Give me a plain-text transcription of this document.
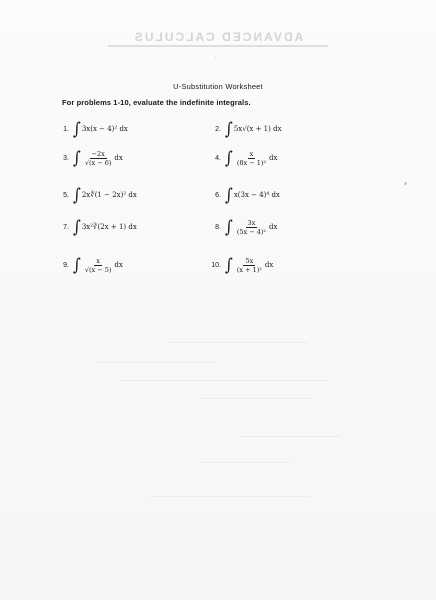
ADVANCED CALCULUS
·
U-Substitution Worksheet
For problems 1-10, evaluate the indefinite integrals.
1. ∫ 3x(x − 4)² dx	2. ∫ 5x√(x + 1) dx
3. ∫ $\frac{-2x}{√(x - 6)}$ dx	4. ∫ $\frac{x}{\text{(8x − 1)²}}$ dx
5. ∫ 2x∜(1 − 2x)² dx	6. ∫ x(3x − 4)⁴ dx
7. ∫ 3x²∛(2x + 1) dx	8. ∫ $\frac{3x}{\text{(5x − 4)²}}$ dx
9. ∫ $\frac{x}{√(x - 5)}$ dx	10. ∫ $\frac{5x}{\text{(x + 1)²}}$ dx
